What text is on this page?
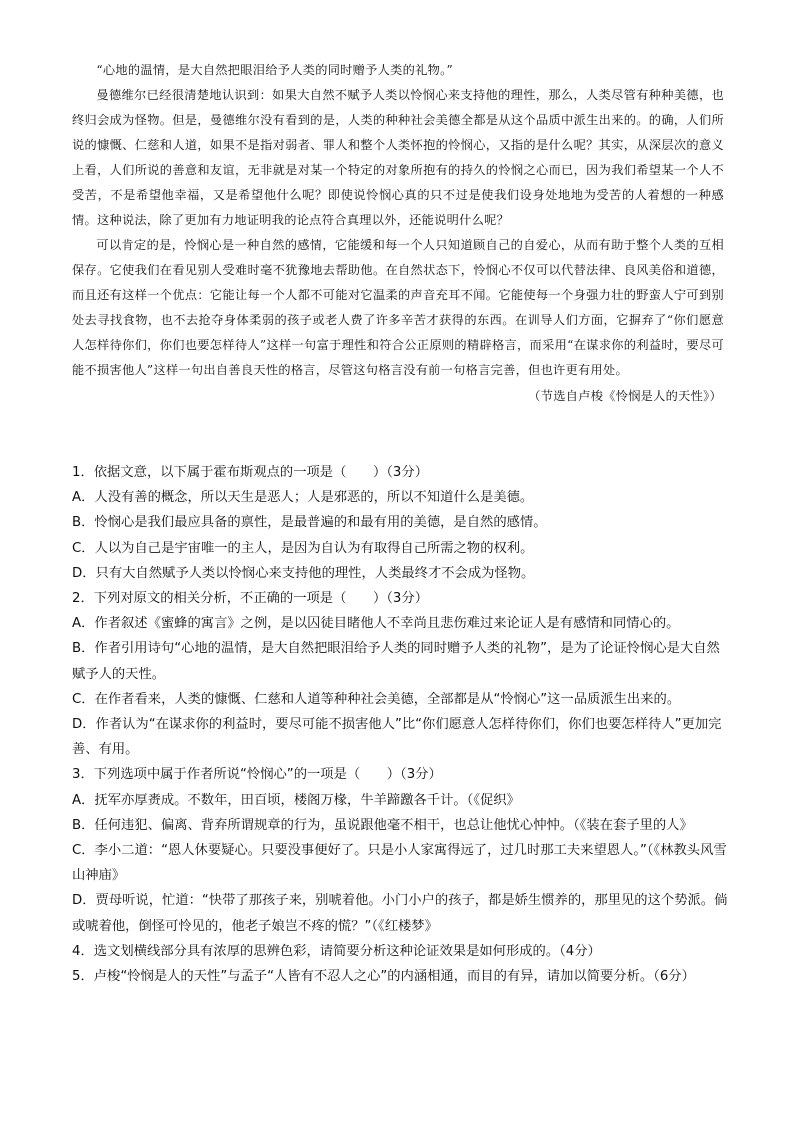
“心地的温情，是大自然把眼泪给予人类的同时赠予人类的礼物。”

曼德维尔已经很清楚地认识到：如果大自然不赋予人类以怜悯心来支持他的理性，那么，人类尽管有种种美德，也终归会成为怪物。但是，曼德维尔没有看到的是，人类的种种社会美德全都是从这个品质中派生出来的。的确，人们所说的慷慨、仁慈和人道，如果不是指对弱者、罪人和整个人类怀抱的怜悯心，又指的是什么呢？其实，从深层次的意义上看，人们所说的善意和友谊，无非就是对某一个特定的对象所抱有的持久的怜悯之心而已，因为我们希望某一个人不受苦，不是希望他幸福，又是希望他什么呢？即使说怜悯心真的只不过是使我们设身处地地为受苦的人着想的一种感情。这种说法，除了更加有力地证明我的论点符合真理以外，还能说明什么呢？

可以肯定的是，怜悯心是一种自然的感情，它能缓和每一个人只知道顾自己的自爱心，从而有助于整个人类的互相保存。它使我们在看见别人受难时毫不犹豫地去帮助他。在自然状态下，怜悯心不仅可以代替法律、良风美俗和道德，而且还有这样一个优点：它能让每一个人都不可能对它温柔的声音充耳不闻。它能使每一个身强力壮的野蛮人宁可到别处去寻找食物，也不去抢夺身体柔弱的孩子或老人费了许多辛苦才获得的东西。在训导人们方面，它摒弃了“你们愿意人怎样待你们，你们也要怎样待人”这样一句富于理性和符合公正原则的精辟格言，而采用“在谋求你的利益时，要尽可能不损害他人”这样一句出自善良天性的格言，尽管这句格言没有前一句格言完善，但也许更有用处。

（节选自卢梭《怜悯是人的天性》）
1．依据文意，以下属于霍布斯观点的一项是（　　）（3分）
A．人没有善的概念，所以天生是恶人；人是邪恶的，所以不知道什么是美德。
B．怜悯心是我们最应具备的禀性，是最普遍的和最有用的美德，是自然的感情。
C．人以为自己是宇宙唯一的主人，是因为自认为有取得自己所需之物的权利。
D．只有大自然赋予人类以怜悯心来支持他的理性，人类最终才不会成为怪物。
2．下列对原文的相关分析，不正确的一项是（　　）（3分）
A．作者叙述《蜜蜂的寓言》之例，是以囚徒目睹他人不幸尚且悲伤难过来论证人是有感情和同情心的。
B．作者引用诗句“心地的温情，是大自然把眼泪给予人类的同时赠予人类的礼物”，是为了论证怜悯心是大自然赋予人的天性。
C．在作者看来，人类的慷慨、仁慈和人道等种种社会美德，全部都是从“怜悯心”这一品质派生出来的。
D．作者认为“在谋求你的利益时，要尽可能不损害他人”比“你们愿意人怎样待你们，你们也要怎样待人”更加完善、有用。
3．下列选项中属于作者所说“怜悯心”的一项是（　　）（3分）
A．抚军亦厚赉成。不数年，田百顷，楼阁万椽，牛羊蹄躈各千计。（《促织》
B．任何违犯、偏离、背弃所谓规章的行为，虽说跟他毫不相干，也总让他忧心忡忡。（《装在套子里的人》
C．李小二道：“恩人休要疑心。只要没事便好了。只是小人家寓得远了，过几时那工夫来望恩人。”（《林教头风雪山神庙》
D．贾母听说，忙道：“快带了那孩子来，别唬着他。小门小户的孩子，都是娇生惯养的，那里见的这个势派。倘或唬着他，倒怪可怜见的，他老子娘岂不疼的慌？”（《红楼梦》
4．选文划横线部分具有浓厚的思辨色彩，请简要分析这种论证效果是如何形成的。（4分）
5．卢梭“怜悯是人的天性”与孟子“人皆有不忍人之心”的内涵相通，而目的有异，请加以简要分析。（6分）
